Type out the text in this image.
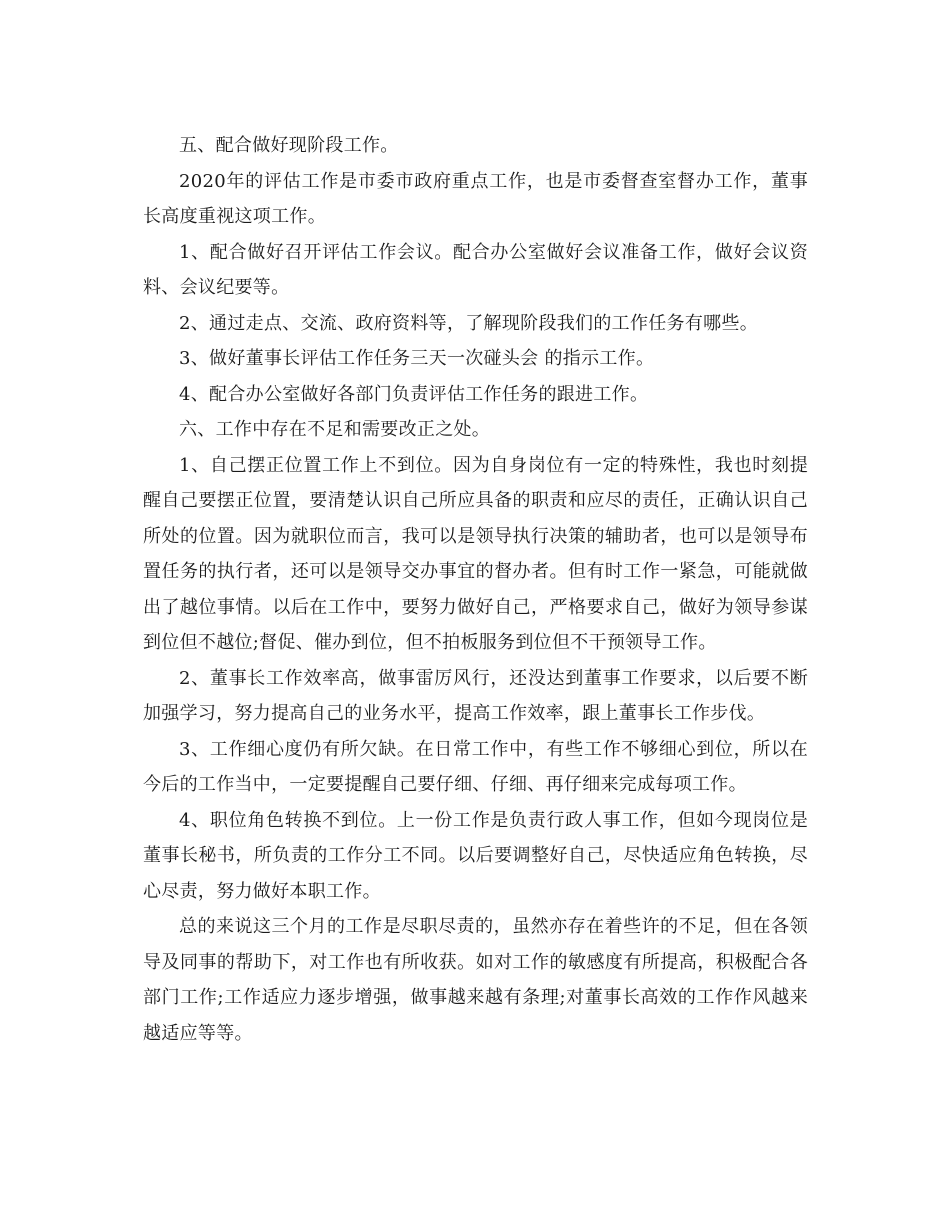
五、配合做好现阶段工作。

2020年的评估工作是市委市政府重点工作，也是市委督查室督办工作，董事长高度重视这项工作。

1、配合做好召开评估工作会议。配合办公室做好会议准备工作，做好会议资料、会议纪要等。

2、通过走点、交流、政府资料等，了解现阶段我们的工作任务有哪些。

3、做好董事长评估工作任务三天一次碰头会 的指示工作。

4、配合办公室做好各部门负责评估工作任务的跟进工作。

六、工作中存在不足和需要改正之处。

1、自己摆正位置工作上不到位。因为自身岗位有一定的特殊性，我也时刻提醒自己要摆正位置，要清楚认识自己所应具备的职责和应尽的责任，正确认识自己所处的位置。因为就职位而言，我可以是领导执行决策的辅助者，也可以是领导布置任务的执行者，还可以是领导交办事宜的督办者。但有时工作一紧急，可能就做出了越位事情。以后在工作中，要努力做好自己，严格要求自己，做好为领导参谋到位但不越位;督促、催办到位，但不拍板服务到位但不干预领导工作。

2、董事长工作效率高，做事雷厉风行，还没达到董事工作要求，以后要不断加强学习，努力提高自己的业务水平，提高工作效率，跟上董事长工作步伐。

3、工作细心度仍有所欠缺。在日常工作中，有些工作不够细心到位，所以在今后的工作当中，一定要提醒自己要仔细、仔细、再仔细来完成每项工作。

4、职位角色转换不到位。上一份工作是负责行政人事工作，但如今现岗位是董事长秘书，所负责的工作分工不同。以后要调整好自己，尽快适应角色转换，尽心尽责，努力做好本职工作。

总的来说这三个月的工作是尽职尽责的，虽然亦存在着些许的不足，但在各领导及同事的帮助下，对工作也有所收获。如对工作的敏感度有所提高，积极配合各部门工作;工作适应力逐步增强，做事越来越有条理;对董事长高效的工作作风越来越适应等等。
